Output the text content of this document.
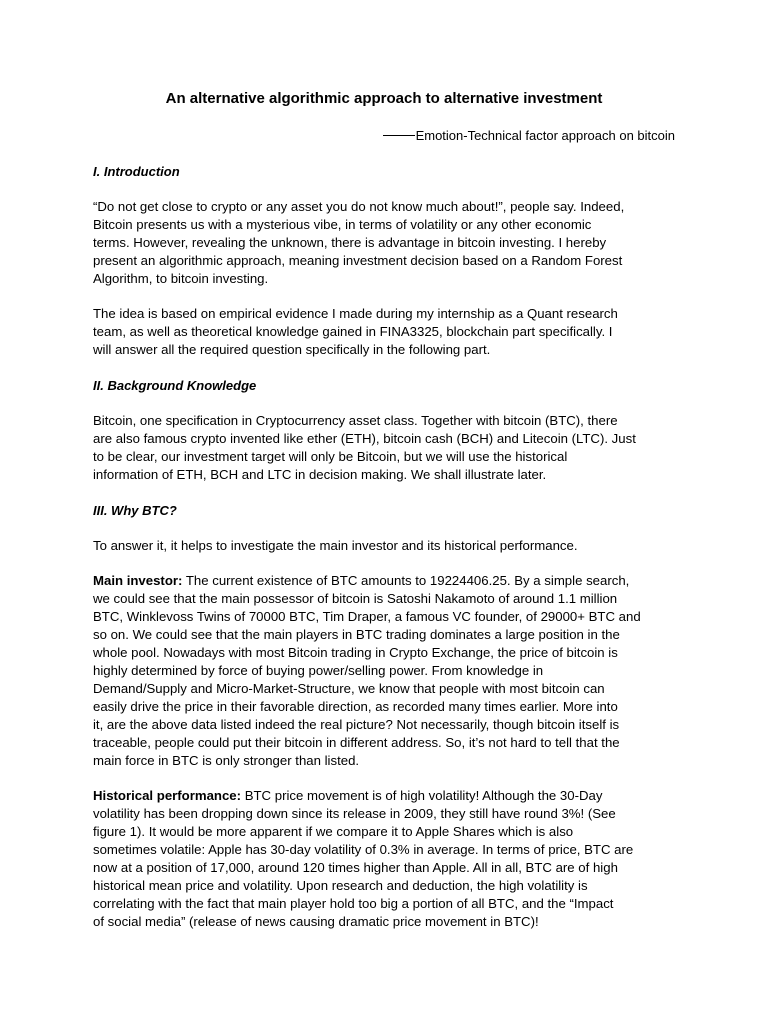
An alternative algorithmic approach to alternative investment
Emotion-Technical factor approach on bitcoin
I. Introduction
“Do not get close to crypto or any asset you do not know much about!”, people say. Indeed,
Bitcoin presents us with a mysterious vibe, in terms of volatility or any other economic
terms. However, revealing the unknown, there is advantage in bitcoin investing. I hereby
present an algorithmic approach, meaning investment decision based on a Random Forest
Algorithm, to bitcoin investing.
The idea is based on empirical evidence I made during my internship as a Quant research
team, as well as theoretical knowledge gained in FINA3325, blockchain part specifically. I
will answer all the required question specifically in the following part.
II. Background Knowledge
Bitcoin, one specification in Cryptocurrency asset class. Together with bitcoin (BTC), there
are also famous crypto invented like ether (ETH), bitcoin cash (BCH) and Litecoin (LTC). Just
to be clear, our investment target will only be Bitcoin, but we will use the historical
information of ETH, BCH and LTC in decision making. We shall illustrate later.
III. Why BTC?
To answer it, it helps to investigate the main investor and its historical performance.
Main investor: The current existence of BTC amounts to 19224406.25. By a simple search,
we could see that the main possessor of bitcoin is Satoshi Nakamoto of around 1.1 million
BTC, Winklevoss Twins of 70000 BTC, Tim Draper, a famous VC founder, of 29000+ BTC and
so on. We could see that the main players in BTC trading dominates a large position in the
whole pool. Nowadays with most Bitcoin trading in Crypto Exchange, the price of bitcoin is
highly determined by force of buying power/selling power. From knowledge in
Demand/Supply and Micro-Market-Structure, we know that people with most bitcoin can
easily drive the price in their favorable direction, as recorded many times earlier. More into
it, are the above data listed indeed the real picture? Not necessarily, though bitcoin itself is
traceable, people could put their bitcoin in different address. So, it’s not hard to tell that the
main force in BTC is only stronger than listed.
Historical performance: BTC price movement is of high volatility! Although the 30-Day
volatility has been dropping down since its release in 2009, they still have round 3%! (See
figure 1). It would be more apparent if we compare it to Apple Shares which is also
sometimes volatile: Apple has 30-day volatility of 0.3% in average. In terms of price, BTC are
now at a position of 17,000, around 120 times higher than Apple. All in all, BTC are of high
historical mean price and volatility. Upon research and deduction, the high volatility is
correlating with the fact that main player hold too big a portion of all BTC, and the “Impact
of social media” (release of news causing dramatic price movement in BTC)!
